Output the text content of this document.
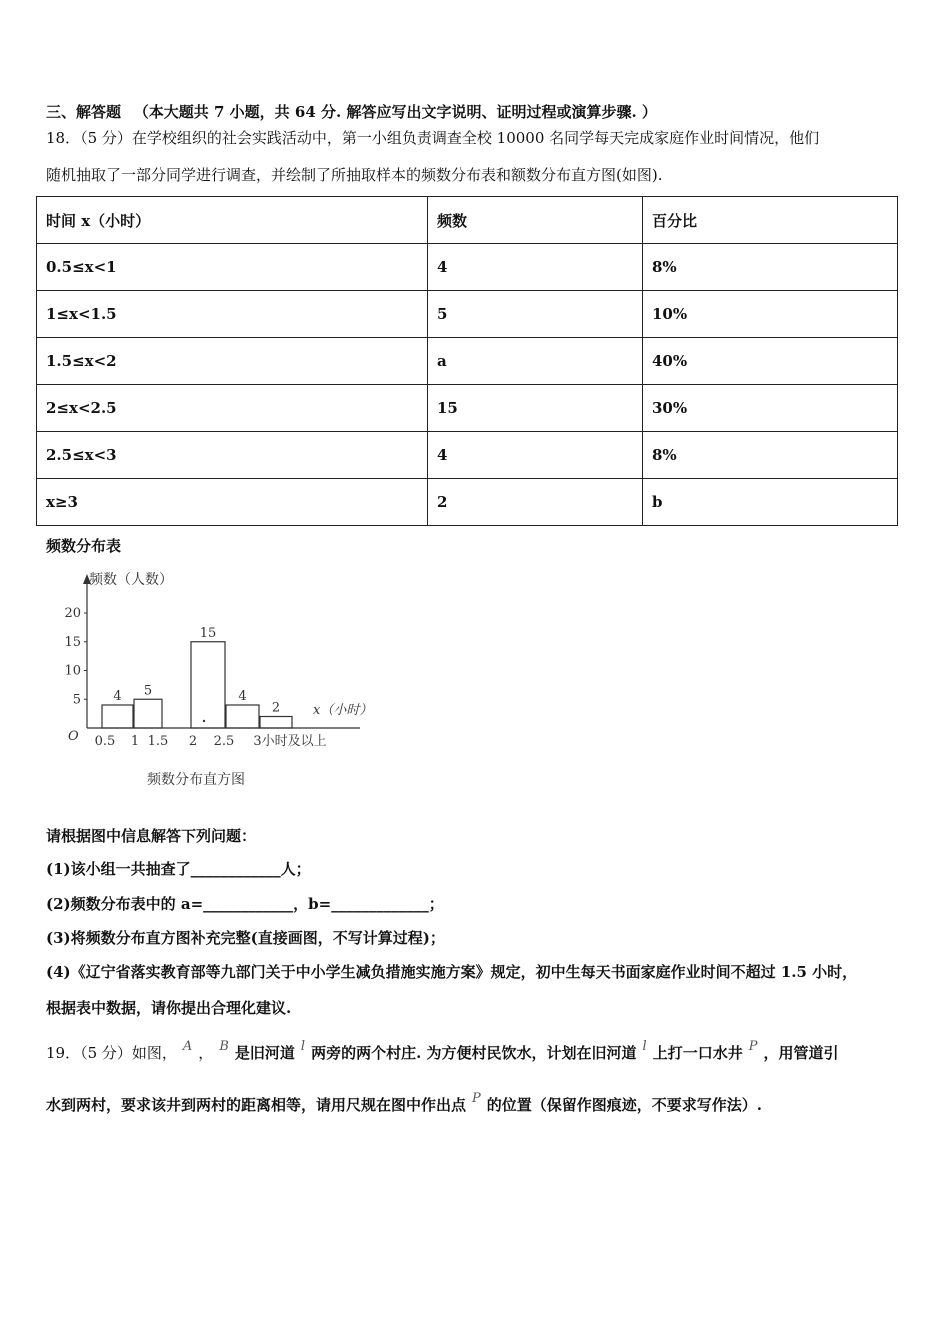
三、解答题 （本大题共 7 小题，共 64 分. 解答应写出文字说明、证明过程或演算步骤. ）
18．（5 分）在学校组织的社会实践活动中，第一小组负责调查全校 10000 名同学每天完成家庭作业时间情况，他们
随机抽取了一部分同学进行调查，并绘制了所抽取样本的频数分布表和额数分布直方图(如图).
时间 x（小时）	频数	百分比
0.5≤x<1	4	8%
1≤x<1.5	5	10%
1.5≤x<2	a	40%
2≤x<2.5	15	30%
2.5≤x<3	4	8%
x≥3	2	b
频数分布表
频数（人数）
x（小时）
O
5
10
15
20
0.5 1 1.5 2 2.5 3小时及以上
4 5
15
4
2
频数分布直方图
请根据图中信息解答下列问题：
(1)该小组一共抽查了____________人；
(2)频数分布表中的 a=____________，b=_____________；
(3)将频数分布直方图补充完整(直接画图，不写计算过程)；
(4)《辽宁省落实教育部等九部门关于中小学生减负措施实施方案》规定，初中生每天书面家庭作业时间不超过 1.5 小时，
根据表中数据，请你提出合理化建议.
19．（5 分）如图， A ， B 是旧河道 l 两旁的两个村庄. 为方便村民饮水，计划在旧河道 l 上打一口水井 P ，用管道引
水到两村，要求该井到两村的距离相等，请用尺规在图中作出点 P 的位置（保留作图痕迹，不要求写作法）.
